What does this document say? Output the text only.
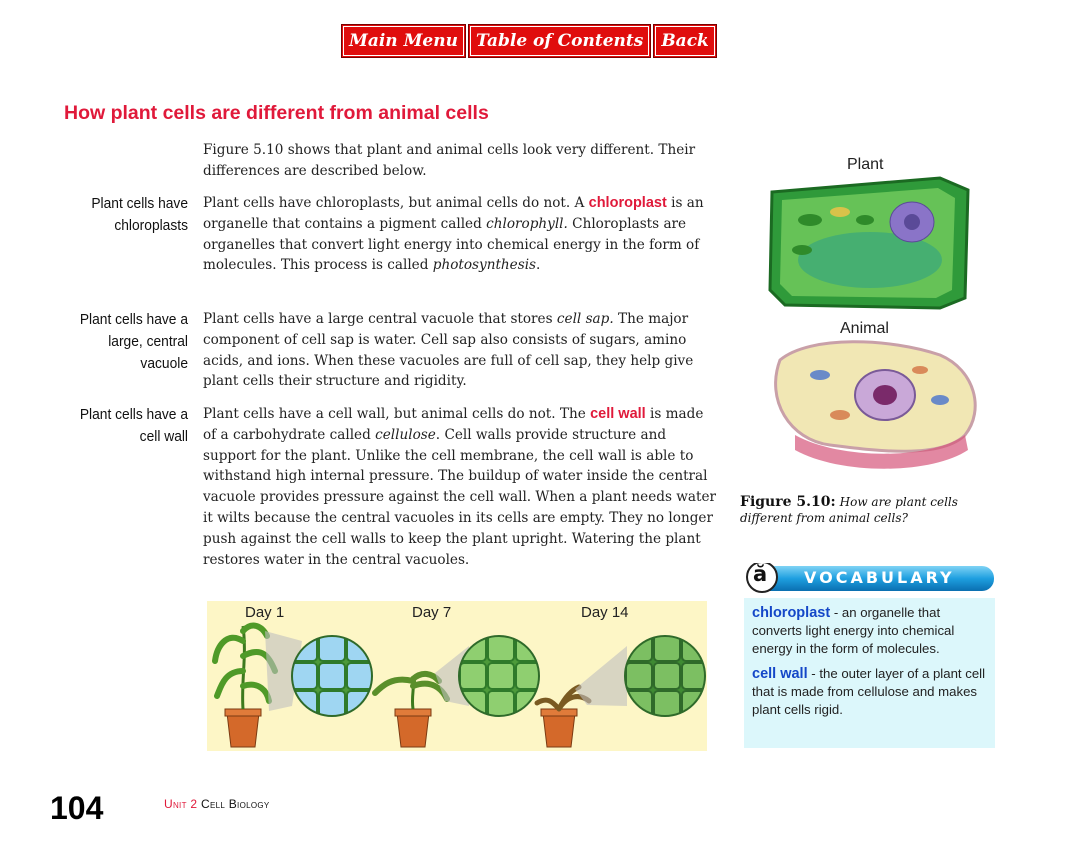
Main Menu	Table of Contents	Back
How plant cells are different from animal cells
Figure 5.10 shows that plant and animal cells look very different. Their differences are described below.
Plant cells have chloroplasts
Plant cells have chloroplasts, but animal cells do not. A chloroplast is an organelle that contains a pigment called chlorophyll. Chloroplasts are organelles that convert light energy into chemical energy in the form of molecules. This process is called photosynthesis.
Plant cells have a large, central vacuole
Plant cells have a large central vacuole that stores cell sap. The major component of cell sap is water. Cell sap also consists of sugars, amino acids, and ions. When these vacuoles are full of cell sap, they help give plant cells their structure and rigidity.
Plant cells have a cell wall
Plant cells have a cell wall, but animal cells do not. The cell wall is made of a carbohydrate called cellulose. Cell walls provide structure and support for the plant. Unlike the cell membrane, the cell wall is able to withstand high internal pressure. The buildup of water inside the central vacuole provides pressure against the cell wall. When a plant needs water it wilts because the central vacuoles in its cells are empty. They no longer push against the cell walls to keep the plant upright. Watering the plant restores water in the central vacuoles.
Day 1	Day 7	Day 14
Plant
Animal
Figure 5.10: How are plant cells different from animal cells?
ă VOCABULARY
chloroplast - an organelle that converts light energy into chemical energy in the form of molecules.
cell wall - the outer layer of a plant cell that is made from cellulose and makes plant cells rigid.
104	Unit 2 Cell Biology
